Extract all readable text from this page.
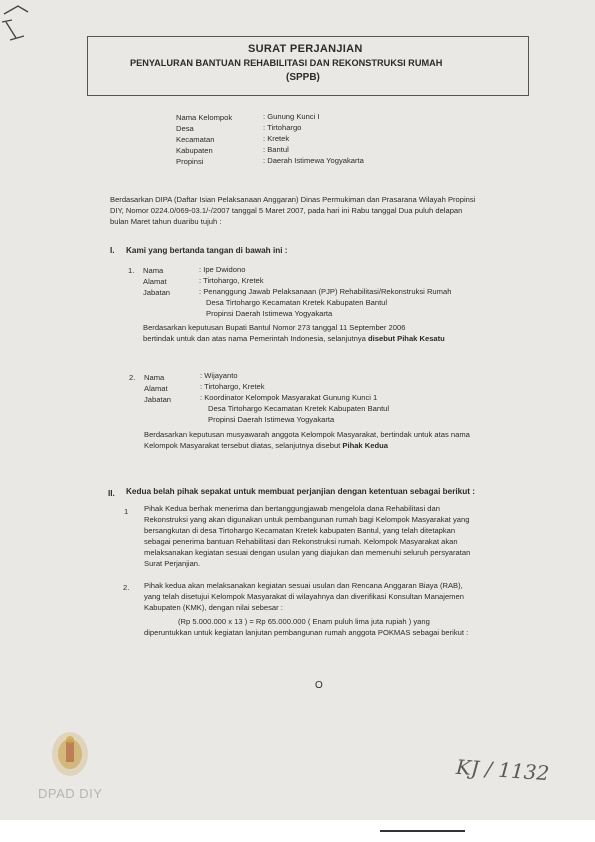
SURAT PERJANJIAN
PENYALURAN BANTUAN REHABILITASI DAN REKONSTRUKSI RUMAH
(SPPB)
Nama Kelompok	: Gunung Kunci I
Desa	: Tirtohargo
Kecamatan	: Kretek
Kabupaten	: Bantul
Propinsi	: Daerah Istimewa Yogyakarta
Berdasarkan DIPA (Daftar Isian Pelaksanaan Anggaran) Dinas Permukiman dan Prasarana Wilayah Propinsi
DIY, Nomor 0224.0/069-03.1/-/2007 tanggal 5 Maret 2007, pada hari ini Rabu tanggal Dua puluh delapan
bulan Maret tahun duaribu tujuh :
I. Kami yang bertanda tangan di bawah ini :
1. Nama	: Ipe Dwidono
Alamat	: Tirtohargo, Kretek
Jabatan	: Penanggung Jawab Pelaksanaan (PJP) Rehabilitasi/Rekonstruksi Rumah
Desa Tirtohargo Kecamatan Kretek Kabupaten Bantul
Propinsi Daerah Istimewa Yogyakarta
Berdasarkan keputusan Bupati Bantul Nomor 273 tanggal 11 September 2006
bertindak untuk dan atas nama Pemerintah Indonesia, selanjutnya disebut Pihak Kesatu
2. Nama	: Wijayanto
Alamat	: Tirtohargo, Kretek
Jabatan	: Koordinator Kelompok Masyarakat Gunung Kunci 1
Desa Tirtohargo Kecamatan Kretek Kabupaten Bantul
Propinsi Daerah Istimewa Yogyakarta
Berdasarkan keputusan musyawarah anggota Kelompok Masyarakat, bertindak untuk atas nama
Kelompok Masyarakat tersebut diatas, selanjutnya disebut Pihak Kedua
II. Kedua belah pihak sepakat untuk membuat perjanjian dengan ketentuan sebagai berikut :
1 Pihak Kedua berhak menerima dan bertanggungjawab mengelola dana Rehabilitasi dan
Rekonstruksi yang akan digunakan untuk pembangunan rumah bagi Kelompok Masyarakat yang
bersangkutan di desa Tirtohargo Kecamatan Kretek kabupaten Bantul, yang telah ditetapkan
sebagai penerima bantuan Rehabilitasi dan Rekonstruksi rumah. Kelompok Masyarakat akan
melaksanakan kegiatan sesuai dengan usulan yang diajukan dan memenuhi seluruh persyaratan
Surat Perjanjian.
2. Pihak kedua akan melaksanakan kegiatan sesuai usulan dan Rencana Anggaran Biaya (RAB),
yang telah disetujui Kelompok Masyarakat di wilayahnya dan diverifikasi Konsultan Manajemen
Kabupaten (KMK), dengan nilai sebesar :
(Rp 5.000.000 x 13 ) = Rp 65.000.000 ( Enam puluh lima juta rupiah ) yang
diperuntukkan untuk kegiatan lanjutan pembangunan rumah anggota POKMAS sebagai berikut :
O
DPAD DIY
KJ / 1132
